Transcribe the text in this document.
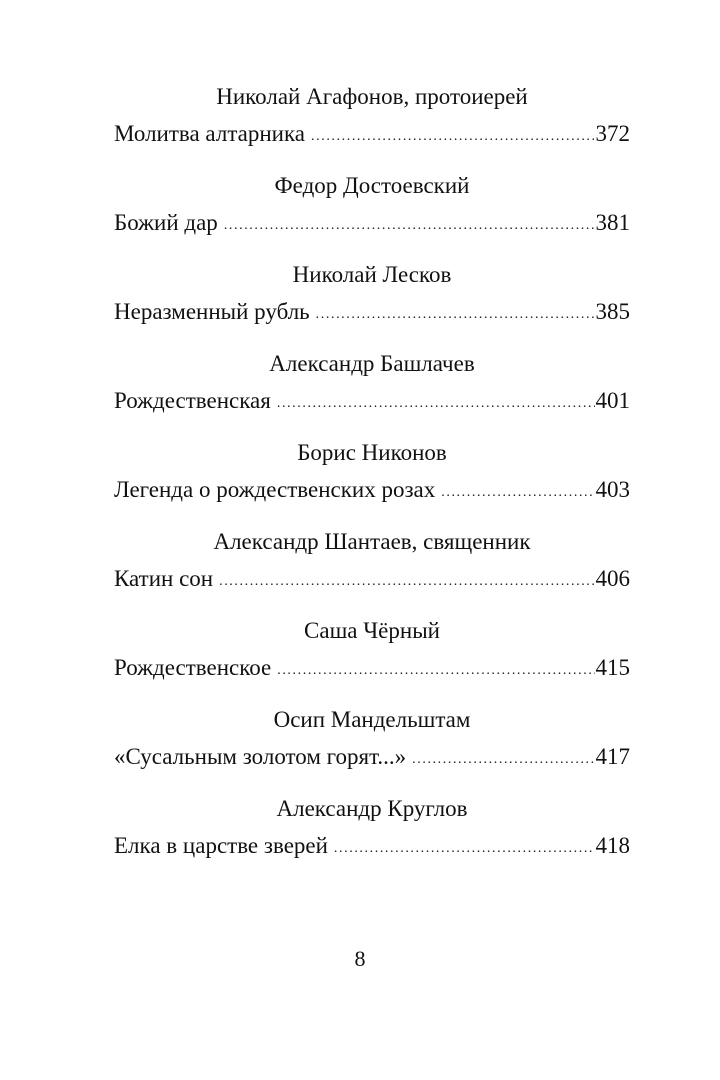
Николай Агафонов, протоиерей
Молитва алтарника .....	372
Федор Достоевский
Божий дар .....	381
Николай Лесков
Неразменный рубль .....	385
Александр Башлачев
Рождественская .....	401
Борис Никонов
Легенда о рождественских розах .....	403
Александр Шантаев, священник
Катин сон .....	406
Саша Чёрный
Рождественское .....	415
Осип Мандельштам
«Сусальным золотом горят...» .....	417
Александр Круглов
Елка в царстве зверей .....	418
8
